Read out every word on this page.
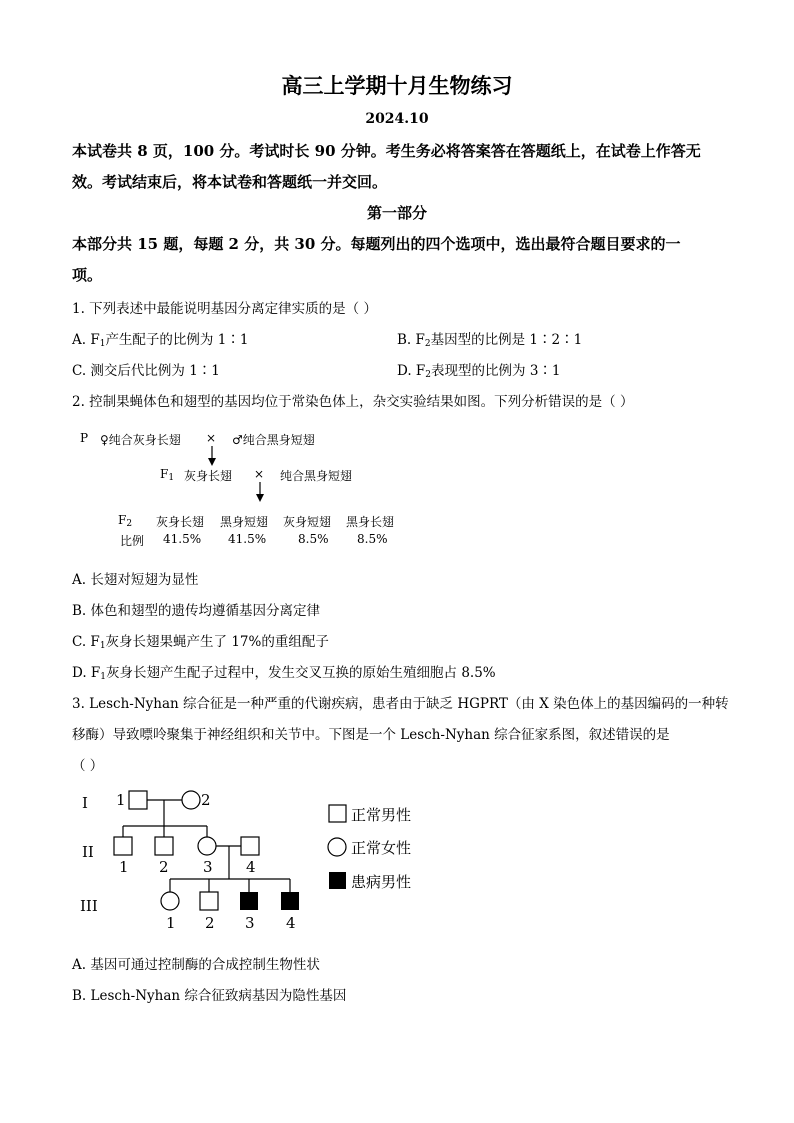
高三上学期十月生物练习
2024.10
本试卷共 8 页，100 分。考试时长 90 分钟。考生务必将答案答在答题纸上，在试卷上作答无
效。考试结束后，将本试卷和答题纸一并交回。
第一部分
本部分共 15 题，每题 2 分，共 30 分。每题列出的四个选项中，选出最符合题目要求的一
项。
1. 下列表述中最能说明基因分离定律实质的是（ ）
A. $F_1$产生配子的比例为 1∶1	B. $F_2$基因型的比例是 1∶2∶1
C. 测交后代比例为 1∶1	D. $F_2$表现型的比例为 3∶1
2. 控制果蝇体色和翅型的基因均位于常染色体上，杂交实验结果如图。下列分析错误的是（ ）
P ♀纯合灰身长翅 × ♂纯合黑身短翅
$F_1$ 灰身长翅 × 纯合黑身短翅
$F_2$ 灰身长翅 黑身短翅 灰身短翅 黑身长翅
比例 41.5% 41.5%	8.5% 8.5%
A. 长翅对短翅为显性
B. 体色和翅型的遗传均遵循基因分离定律
C. $F_1$灰身长翅果蝇产生了 17%的重组配子
D. $F_1$灰身长翅产生配子过程中，发生交叉互换的原始生殖细胞占 8.5%
3. Lesch-Nyhan 综合征是一种严重的代谢疾病，患者由于缺乏 HGPRT（由 X 染色体上的基因编码的一种转
移酶）导致嘌呤聚集于神经组织和关节中。下图是一个 Lesch-Nyhan 综合征家系图，叙述错误的是
（ ）
I
II
III
1	2
1 2 3 4
1 2 3 4
正常男性
正常女性
患病男性
A. 基因可通过控制酶的合成控制生物性状
B. Lesch-Nyhan 综合征致病基因为隐性基因
